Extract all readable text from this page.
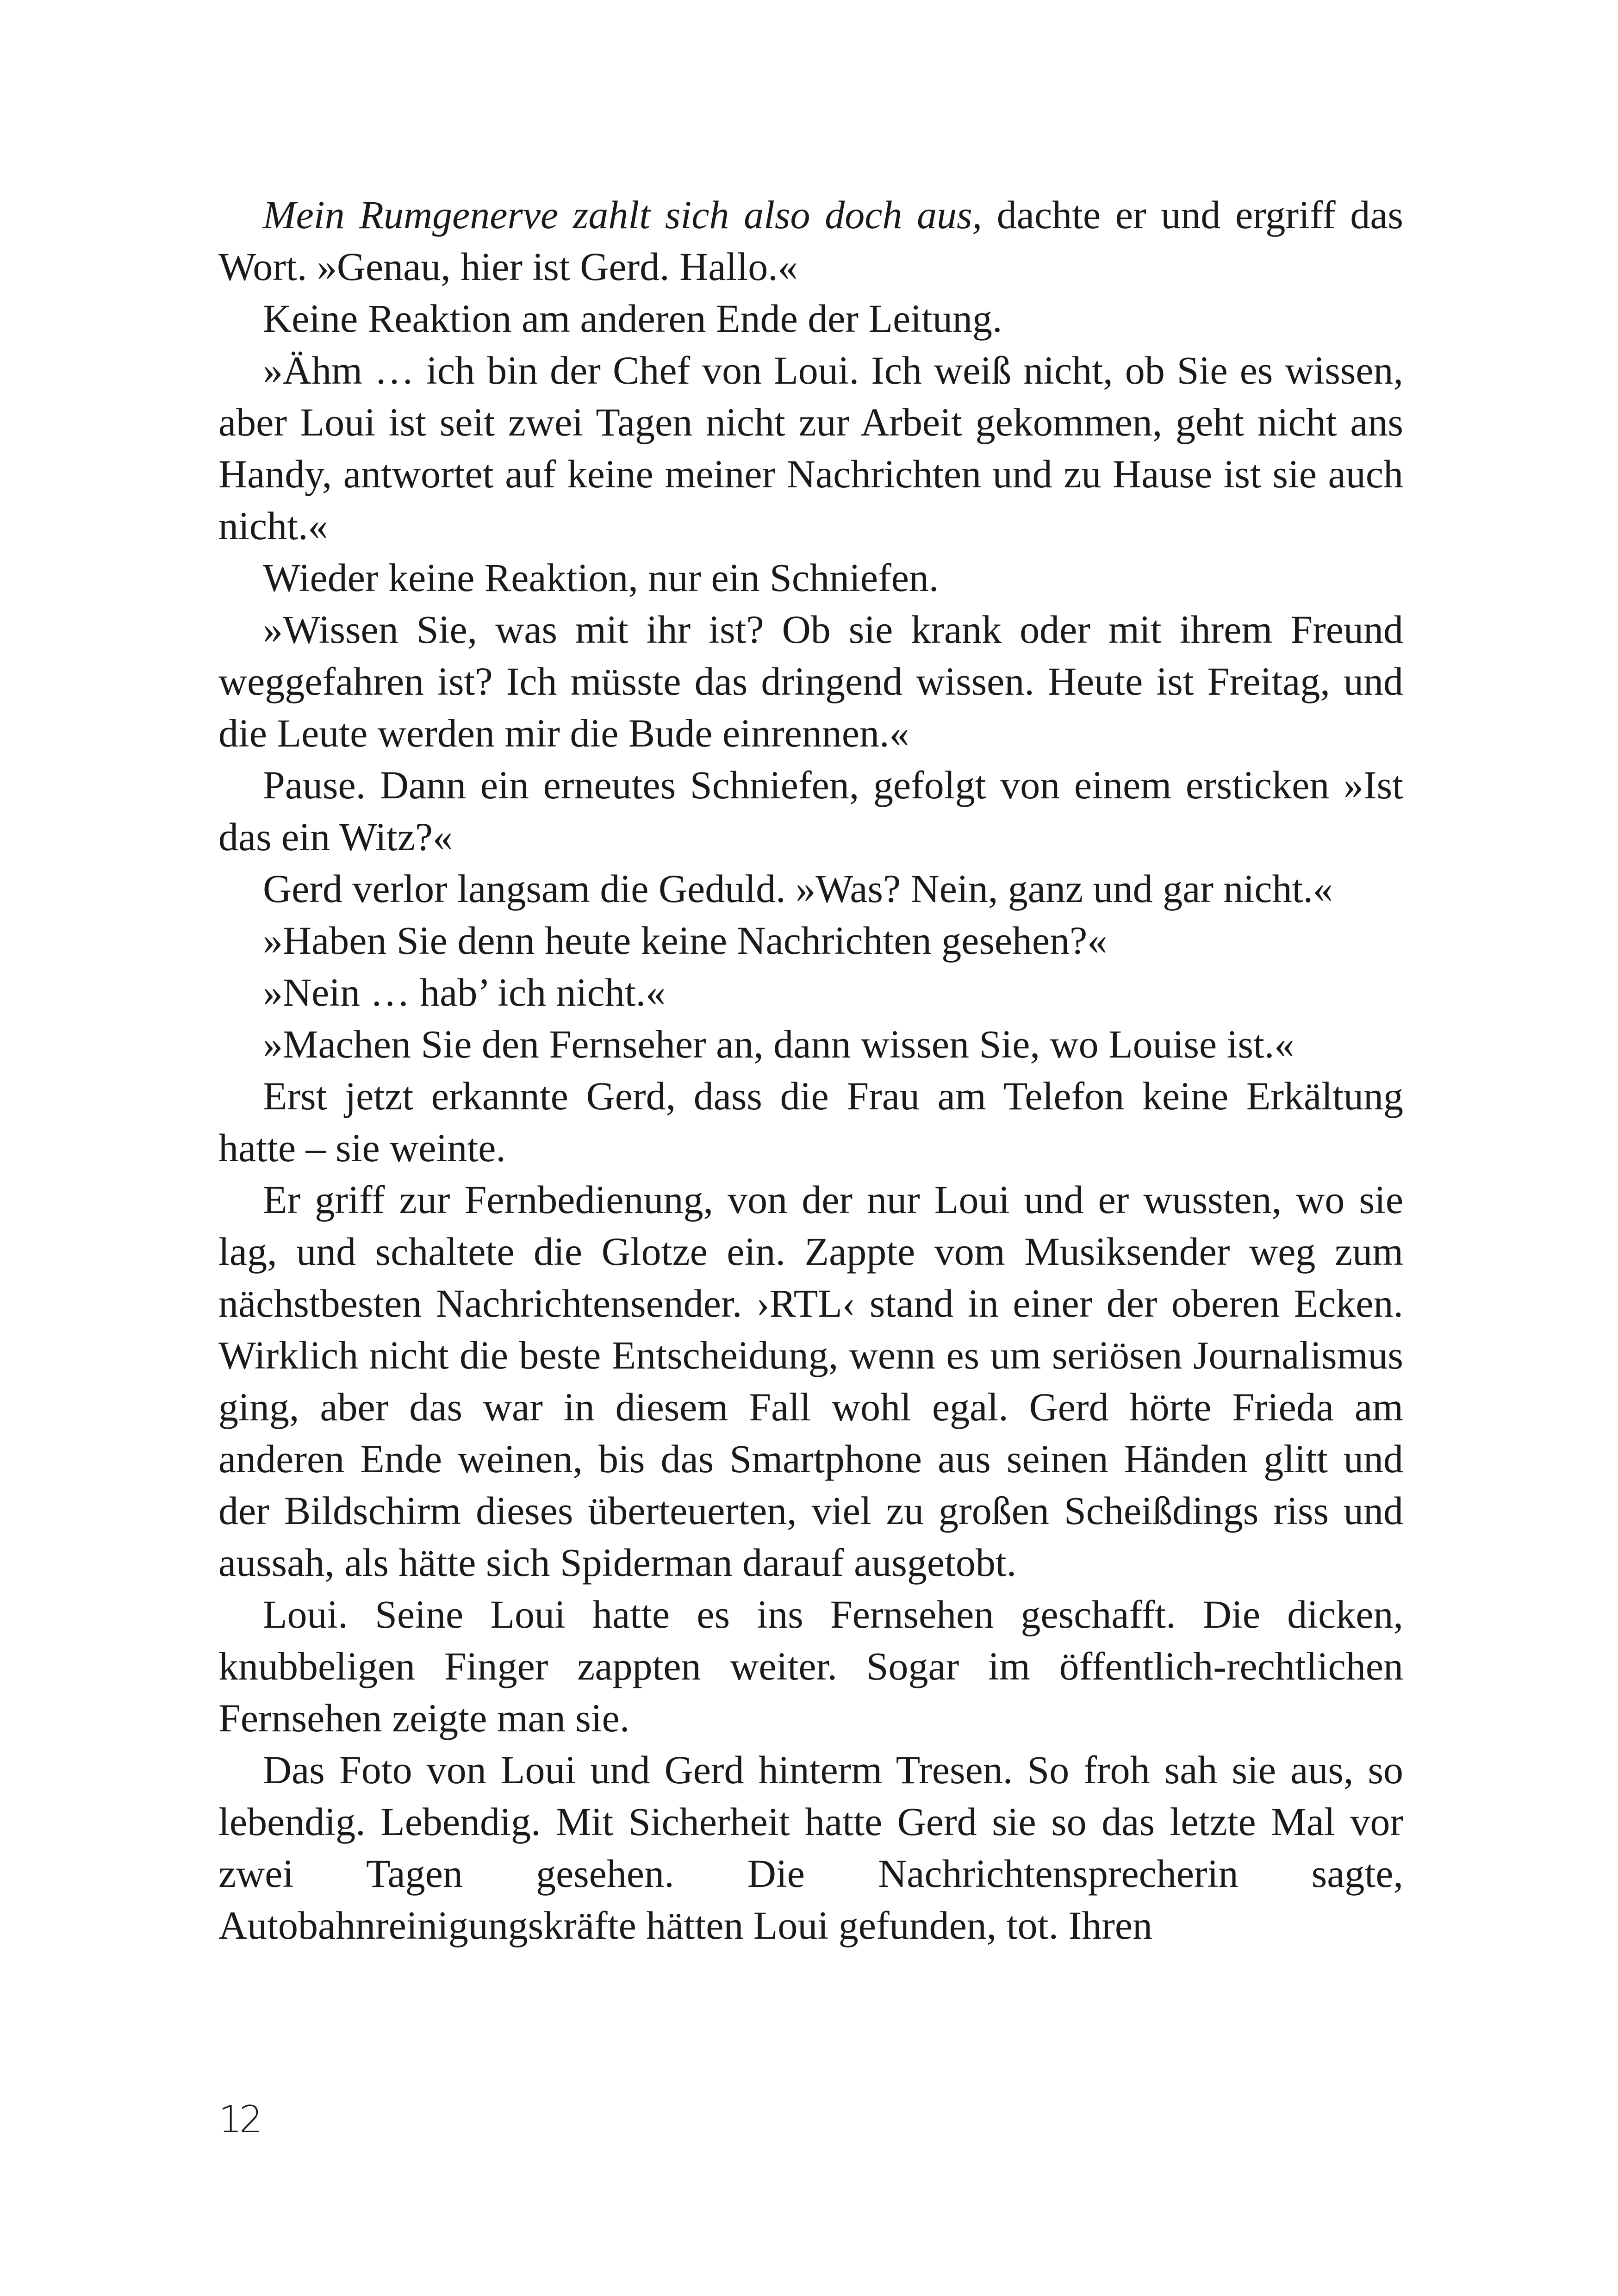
Mein Rumgenerve zahlt sich also doch aus, dachte er und ergriff das Wort. »Genau, hier ist Gerd. Hallo.«

Keine Reaktion am anderen Ende der Leitung.

»Ähm … ich bin der Chef von Loui. Ich weiß nicht, ob Sie es wissen, aber Loui ist seit zwei Tagen nicht zur Arbeit gekommen, geht nicht ans Handy, antwortet auf keine meiner Nachrichten und zu Hause ist sie auch nicht.«

Wieder keine Reaktion, nur ein Schniefen.

»Wissen Sie, was mit ihr ist? Ob sie krank oder mit ihrem Freund weggefahren ist? Ich müsste das dringend wissen. Heute ist Freitag, und die Leute werden mir die Bude einrennen.«

Pause. Dann ein erneutes Schniefen, gefolgt von einem ersticken »Ist das ein Witz?«

Gerd verlor langsam die Geduld. »Was? Nein, ganz und gar nicht.«

»Haben Sie denn heute keine Nachrichten gesehen?«

»Nein … hab’ ich nicht.«

»Machen Sie den Fernseher an, dann wissen Sie, wo Louise ist.«

Erst jetzt erkannte Gerd, dass die Frau am Telefon keine Erkältung hatte – sie weinte.

Er griff zur Fernbedienung, von der nur Loui und er wussten, wo sie lag, und schaltete die Glotze ein. Zappte vom Musiksender weg zum nächstbesten Nachrichtensender. ›RTL‹ stand in einer der oberen Ecken. Wirklich nicht die beste Entscheidung, wenn es um seriösen Journalismus ging, aber das war in diesem Fall wohl egal. Gerd hörte Frieda am anderen Ende weinen, bis das Smartphone aus seinen Händen glitt und der Bildschirm dieses überteuerten, viel zu großen Scheißdings riss und aussah, als hätte sich Spiderman darauf ausgetobt.

Loui. Seine Loui hatte es ins Fernsehen geschafft. Die dicken, knubbeligen Finger zappten weiter. Sogar im öffentlich-rechtlichen Fernsehen zeigte man sie.

Das Foto von Loui und Gerd hinterm Tresen. So froh sah sie aus, so lebendig. Lebendig. Mit Sicherheit hatte Gerd sie so das letzte Mal vor zwei Tagen gesehen. Die Nachrichtensprecherin sagte, Autobahnreinigungskräfte hätten Loui gefunden, tot. Ihren

12
